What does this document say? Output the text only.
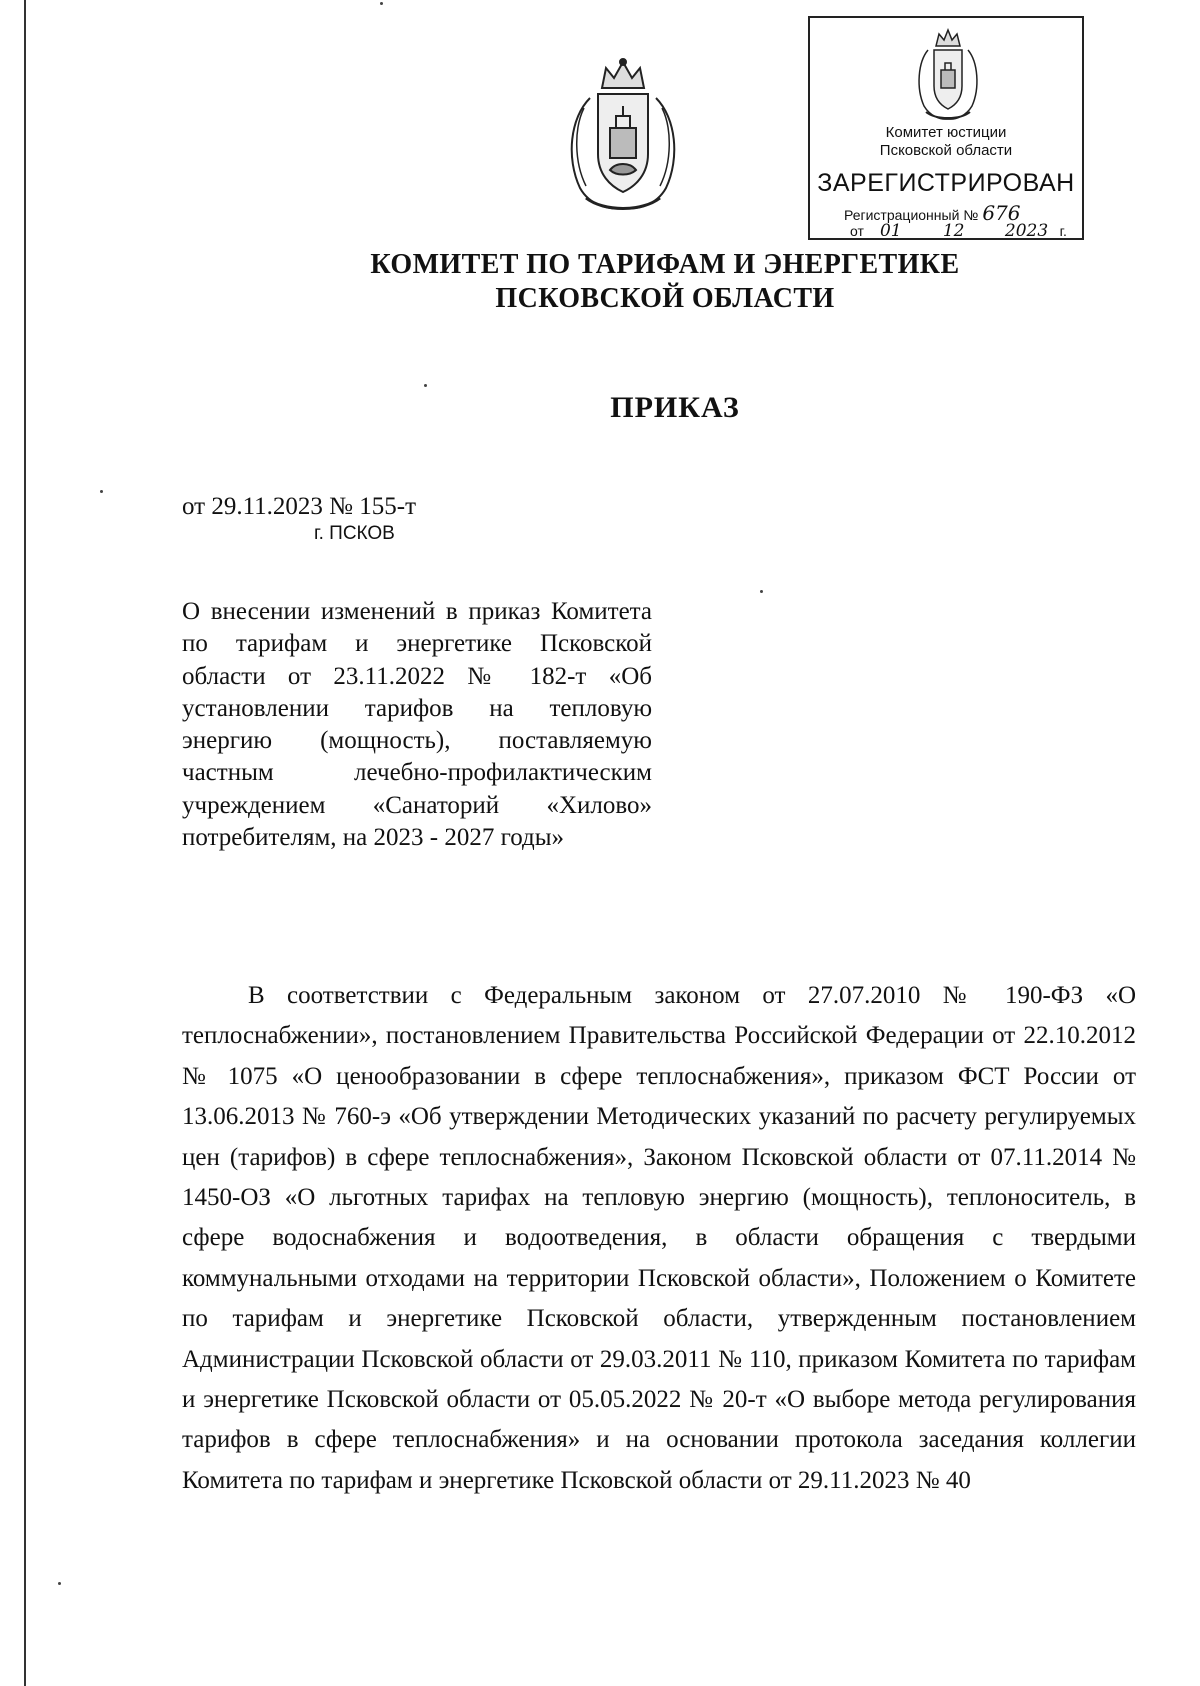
Комитет юстиции
Псковской области
ЗАРЕГИСТРИРОВАН
Регистрационный № 676
от 01 12 2023 г.
КОМИТЕТ ПО ТАРИФАМ И ЭНЕРГЕТИКЕ
ПСКОВСКОЙ ОБЛАСТИ
ПРИКАЗ
от 29.11.2023 № 155-т
г. ПСКОВ
О внесении изменений в приказ Комитета по тарифам и энергетике Псковской области от 23.11.2022 № 182-т «Об установлении тарифов на тепловую энергию (мощность), поставляемую частным лечебно-профилактическим учреждением «Санаторий «Хилово» потребителям, на 2023 - 2027 годы»
В соответствии с Федеральным законом от 27.07.2010 № 190-ФЗ «О теплоснабжении», постановлением Правительства Российской Федерации от 22.10.2012 № 1075 «О ценообразовании в сфере теплоснабжения», приказом ФСТ России от 13.06.2013 № 760-э «Об утверждении Методических указаний по расчету регулируемых цен (тарифов) в сфере теплоснабжения», Законом Псковской области от 07.11.2014 № 1450-ОЗ «О льготных тарифах на тепловую энергию (мощность), теплоноситель, в сфере водоснабжения и водоотведения, в области обращения с твердыми коммунальными отходами на территории Псковской области», Положением о Комитете по тарифам и энергетике Псковской области, утвержденным постановлением Администрации Псковской области от 29.03.2011 № 110, приказом Комитета по тарифам и энергетике Псковской области от 05.05.2022 № 20-т «О выборе метода регулирования тарифов в сфере теплоснабжения» и на основании протокола заседания коллегии Комитета по тарифам и энергетике Псковской области от 29.11.2023 № 40
